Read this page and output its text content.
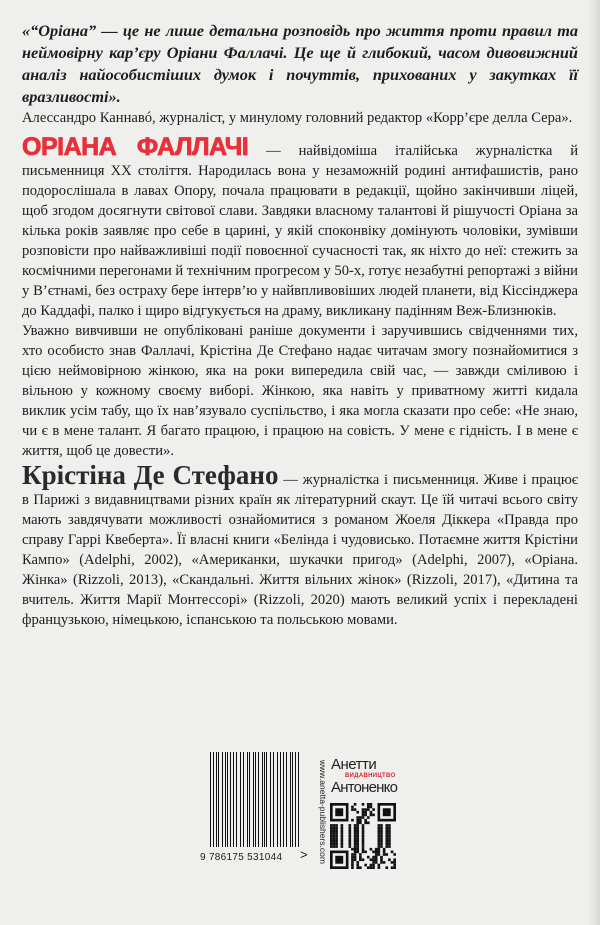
«“Оріана” — це не лише детальна розповідь про життя проти правил та неймовірну кар’єру Оріани Фаллачі. Це ще й глибокий, часом дивовижний аналіз найособистіших думок і почуттів, прихованих у закутках її вразливості».

Алессандро Каннавó, журналіст, у минулому головний редактор «Корр’єре делла Сера».

ОРІАНА ФАЛЛАЧІ — найвідоміша італійська журналістка й письменниця XX століття. Народилась вона у незаможній родині антифашистів, рано подорослішала в лавах Опору, почала працювати в редакції, щойно закінчивши ліцей, щоб згодом досягнути світової слави. Завдяки власному талантові й рішучості Оріана за кілька років заявляє про себе в царині, у якій споконвіку домінують чоловіки, зумівши розповісти про найважливіші події повоєнної сучасності так, як ніхто до неї: стежить за космічними перегонами й технічним прогресом у 50-х, готує незабутні репортажі з війни у В’єтнамі, без остраху бере інтерв’ю у найвпливовіших людей планети, від Кіссінджера до Каддафі, палко і щиро відгукується на драму, викликану падінням Веж-Близнюків.

Уважно вивчивши не опубліковані раніше документи і заручившись свідченнями тих, хто особисто знав Фаллачі, Крістіна Де Стефано надає читачам змогу познайомитися з цією неймовірною жінкою, яка на роки випередила свій час, — завжди сміливою і вільною у кожному своєму виборі. Жінкою, яка навіть у приватному житті кидала виклик усім табу, що їх нав’язувало суспільство, і яка могла сказати про себе: «Не знаю, чи є в мене талант. Я багато працюю, і працюю на совість. У мене є гідність. І в мене є життя, щоб це довести».

Крістіна Де Стефано — журналістка і письменниця. Живе і працює в Парижі з видавництвами різних країн як літературний скаут. Це їй читачі всього світу мають завдячувати можливості ознайомитися з романом Жоеля Діккера «Правда про справу Гаррі Квеберта». Її власні книги «Белінда і чудовисько. Потаємне життя Крістіни Кампо» (Adelphi, 2002), «Американки, шукачки пригод» (Adelphi, 2007), «Оріана. Жінка» (Rizzoli, 2013), «Скандальні. Життя вільних жінок» (Rizzoli, 2017), «Дитина та вчитель. Життя Марії Монтессорі» (Rizzoli, 2020) мають великий успіх і перекладені французькою, німецькою, іспанською та польською мовами.

9 786175 531044 > www.anetta-publishers.com Анетти
ВИДАВНИЦТВО
Антоненко
